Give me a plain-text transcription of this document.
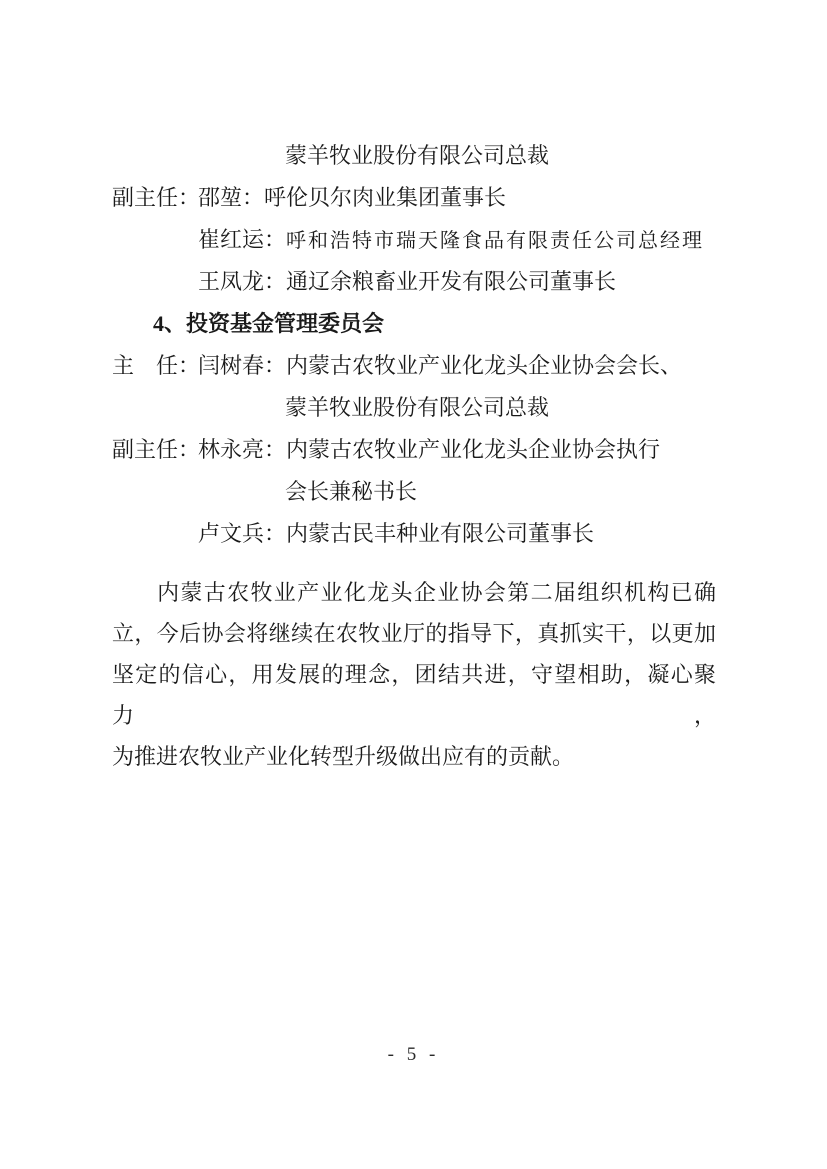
蒙羊牧业股份有限公司总裁
副主任：邵堃：呼伦贝尔肉业集团董事长
崔红运：呼和浩特市瑞天隆食品有限责任公司总经理
王凤龙：通辽余粮畜业开发有限公司董事长
4、投资基金管理委员会
主　任：闫树春：内蒙古农牧业产业化龙头企业协会会长、
蒙羊牧业股份有限公司总裁
副主任：林永亮：内蒙古农牧业产业化龙头企业协会执行
会长兼秘书长
卢文兵：内蒙古民丰种业有限公司董事长
内蒙古农牧业产业化龙头企业协会第二届组织机构已确
立，今后协会将继续在农牧业厅的指导下，真抓实干，以更加
坚定的信心，用发展的理念，团结共进，守望相助，凝心聚力，
为推进农牧业产业化转型升级做出应有的贡献。
- 5 -
